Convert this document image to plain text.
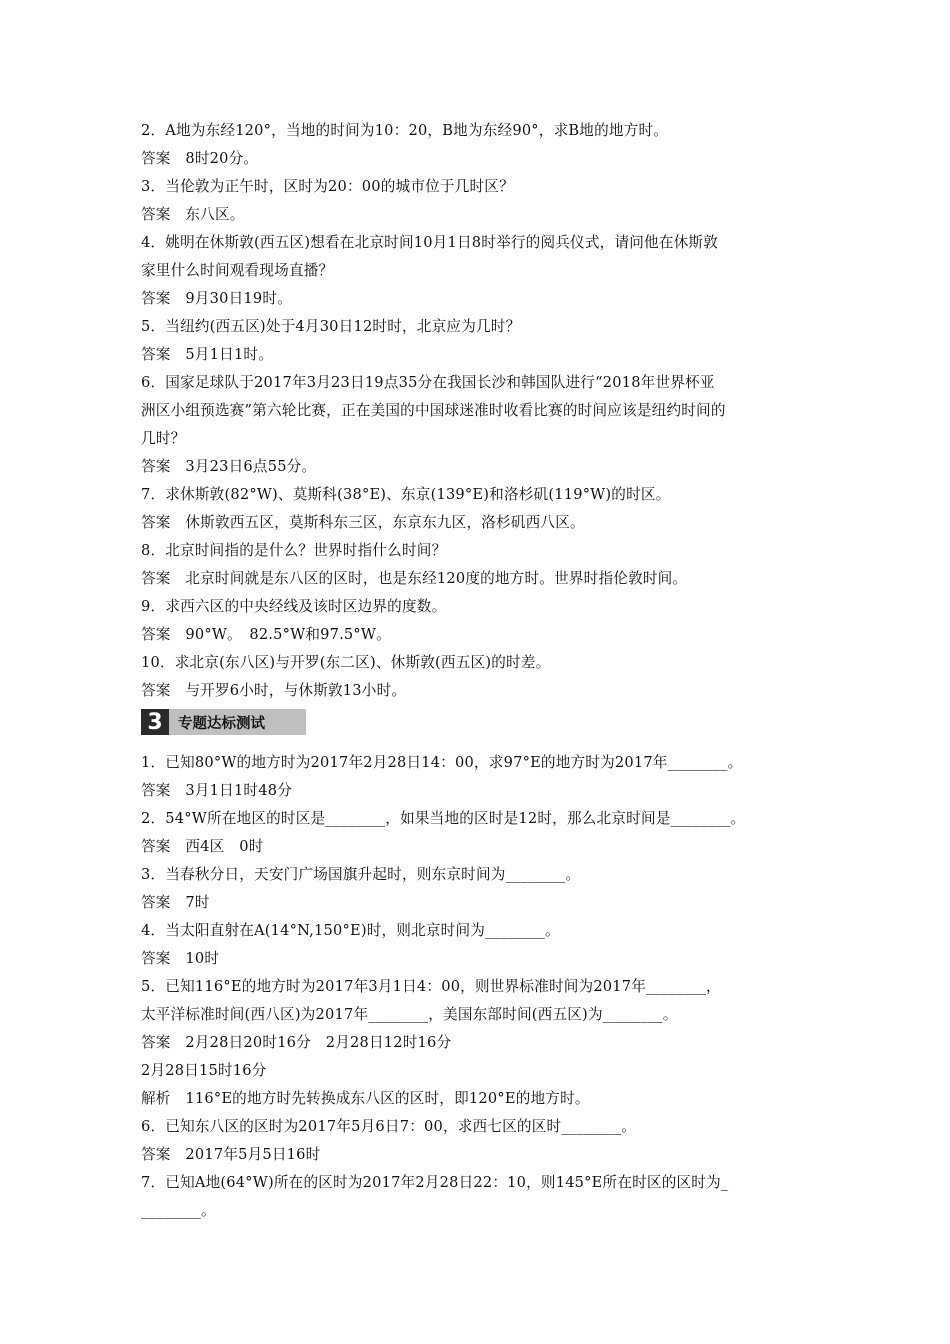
2．A地为东经120°，当地的时间为10：20，B地为东经90°，求B地的地方时。
答案　8时20分。
3．当伦敦为正午时，区时为20：00的城市位于几时区？
答案　东八区。
4．姚明在休斯敦(西五区)想看在北京时间10月1日8时举行的阅兵仪式，请问他在休斯敦
家里什么时间观看现场直播？
答案　9月30日19时。
5．当纽约(西五区)处于4月30日12时时，北京应为几时？
答案　5月1日1时。
6．国家足球队于2017年3月23日19点35分在我国长沙和韩国队进行“2018年世界杯亚
洲区小组预选赛”第六轮比赛，正在美国的中国球迷准时收看比赛的时间应该是纽约时间的
几时？
答案　3月23日6点55分。
7．求休斯敦(82°W)、莫斯科(38°E)、东京(139°E)和洛杉矶(119°W)的时区。
答案　休斯敦西五区，莫斯科东三区，东京东九区，洛杉矶西八区。
8．北京时间指的是什么？世界时指什么时间？
答案　北京时间就是东八区的区时，也是东经120度的地方时。世界时指伦敦时间。
9．求西六区的中央经线及该时区边界的度数。
答案　90°W。　82.5°W和97.5°W。
10．求北京(东八区)与开罗(东二区)、休斯敦(西五区)的时差。
答案　与开罗6小时，与休斯敦13小时。
3	专题达标测试
1．已知80°W的地方时为2017年2月28日14：00，求97°E的地方时为2017年________。
答案　3月1日1时48分
2．54°W所在地区的时区是________，如果当地的区时是12时，那么北京时间是________。
答案　西4区　0时
3．当春秋分日，天安门广场国旗升起时，则东京时间为________。
答案　7时
4．当太阳直射在A(14°N,150°E)时，则北京时间为________。
答案　10时
5．已知116°E的地方时为2017年3月1日4：00，则世界标准时间为2017年________，
太平洋标准时间(西八区)为2017年________，美国东部时间(西五区)为________。
答案　2月28日20时16分　2月28日12时16分
2月28日15时16分
解析　116°E的地方时先转换成东八区的区时，即120°E的地方时。
6．已知东八区的区时为2017年5月6日7：00，求西七区的区时________。
答案　2017年5月5日16时
7．已知A地(64°W)所在的区时为2017年2月28日22：10，则145°E所在时区的区时为_
________。
